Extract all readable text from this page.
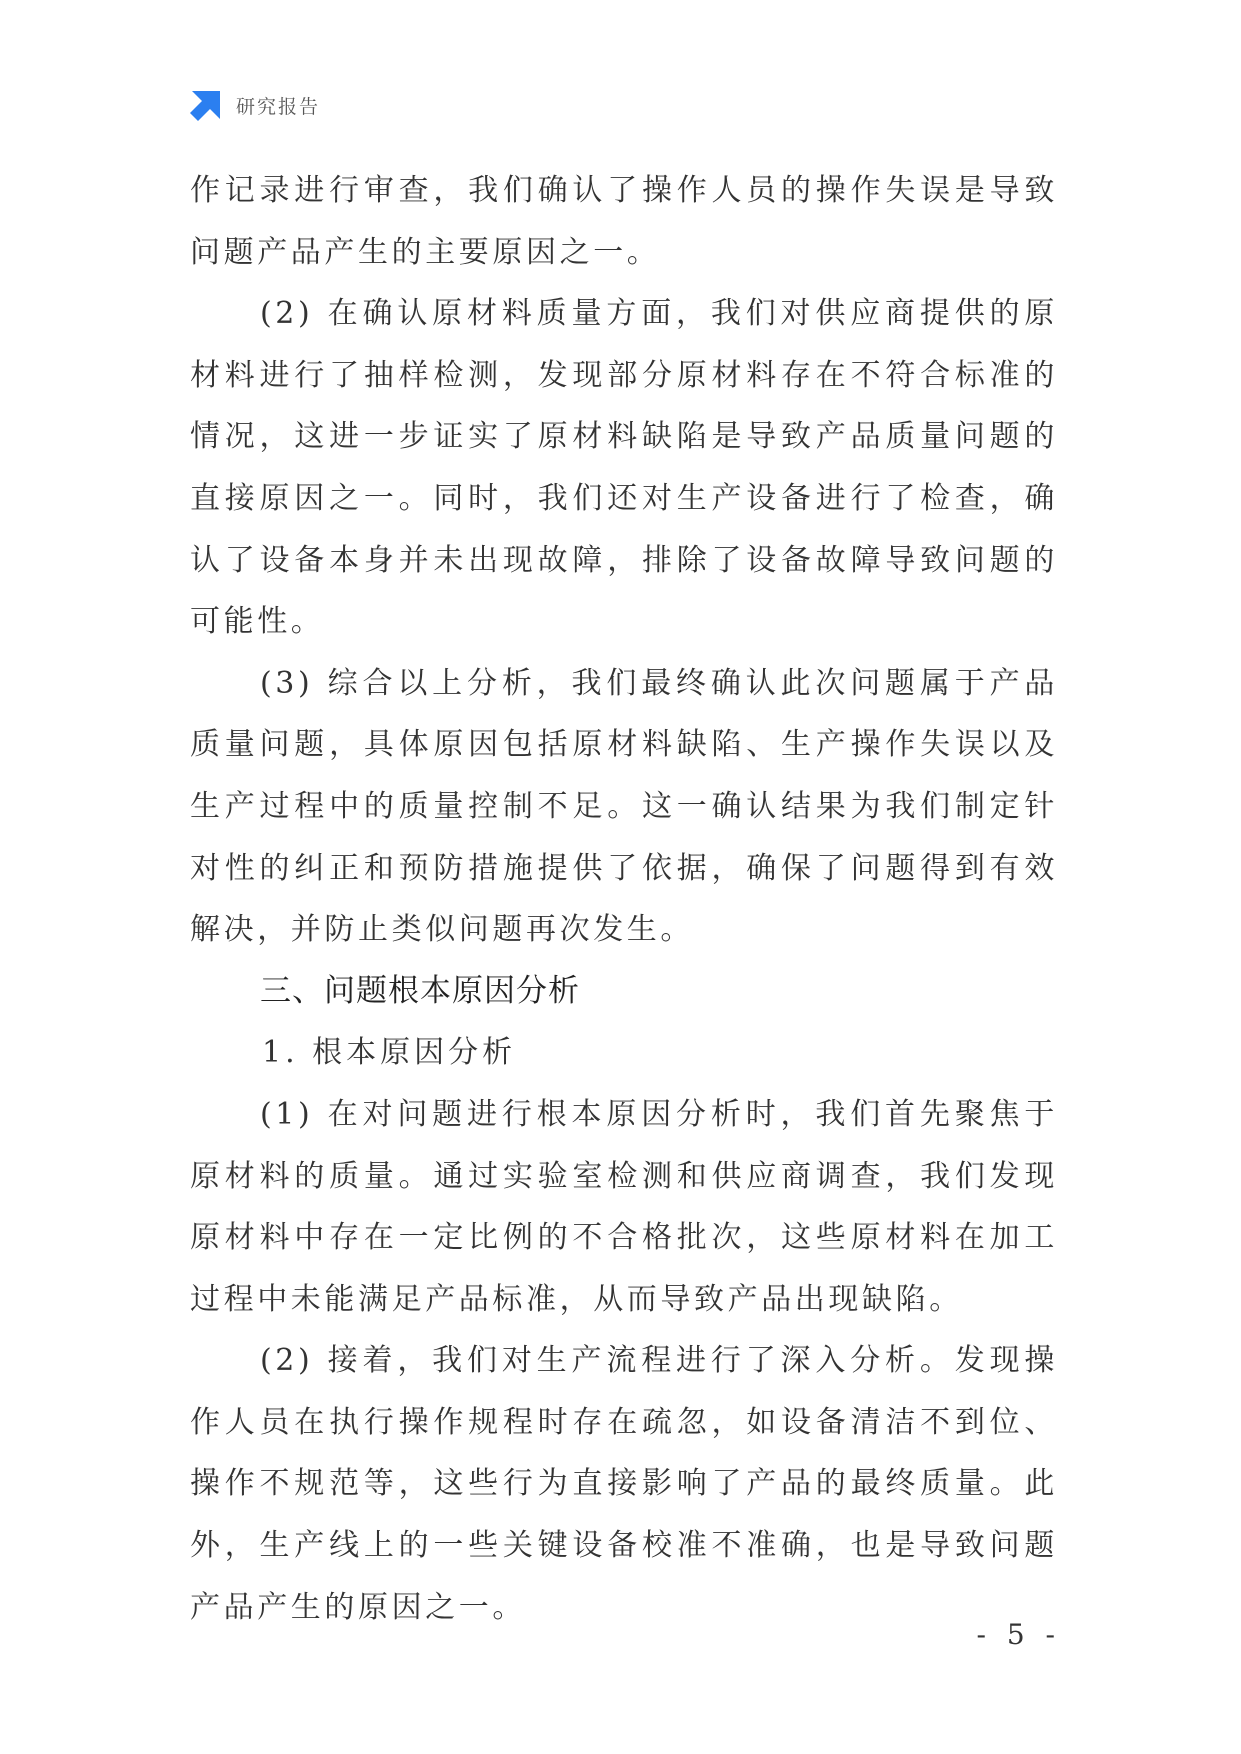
研究报告

作记录进行审查，我们确认了操作人员的操作失误是导致问题产品产生的主要原因之一。

(2) 在确认原材料质量方面，我们对供应商提供的原材料进行了抽样检测，发现部分原材料存在不符合标准的情况，这进一步证实了原材料缺陷是导致产品质量问题的直接原因之一。同时，我们还对生产设备进行了检查，确认了设备本身并未出现故障，排除了设备故障导致问题的可能性。

(3) 综合以上分析，我们最终确认此次问题属于产品质量问题，具体原因包括原材料缺陷、生产操作失误以及生产过程中的质量控制不足。这一确认结果为我们制定针对性的纠正和预防措施提供了依据，确保了问题得到有效解决，并防止类似问题再次发生。

三、问题根本原因分析

1. 根本原因分析

(1) 在对问题进行根本原因分析时，我们首先聚焦于原材料的质量。通过实验室检测和供应商调查，我们发现原材料中存在一定比例的不合格批次，这些原材料在加工过程中未能满足产品标准，从而导致产品出现缺陷。

(2) 接着，我们对生产流程进行了深入分析。发现操作人员在执行操作规程时存在疏忽，如设备清洁不到位、操作不规范等，这些行为直接影响了产品的最终质量。此外，生产线上的一些关键设备校准不准确，也是导致问题产品产生的原因之一。

- 5 -
